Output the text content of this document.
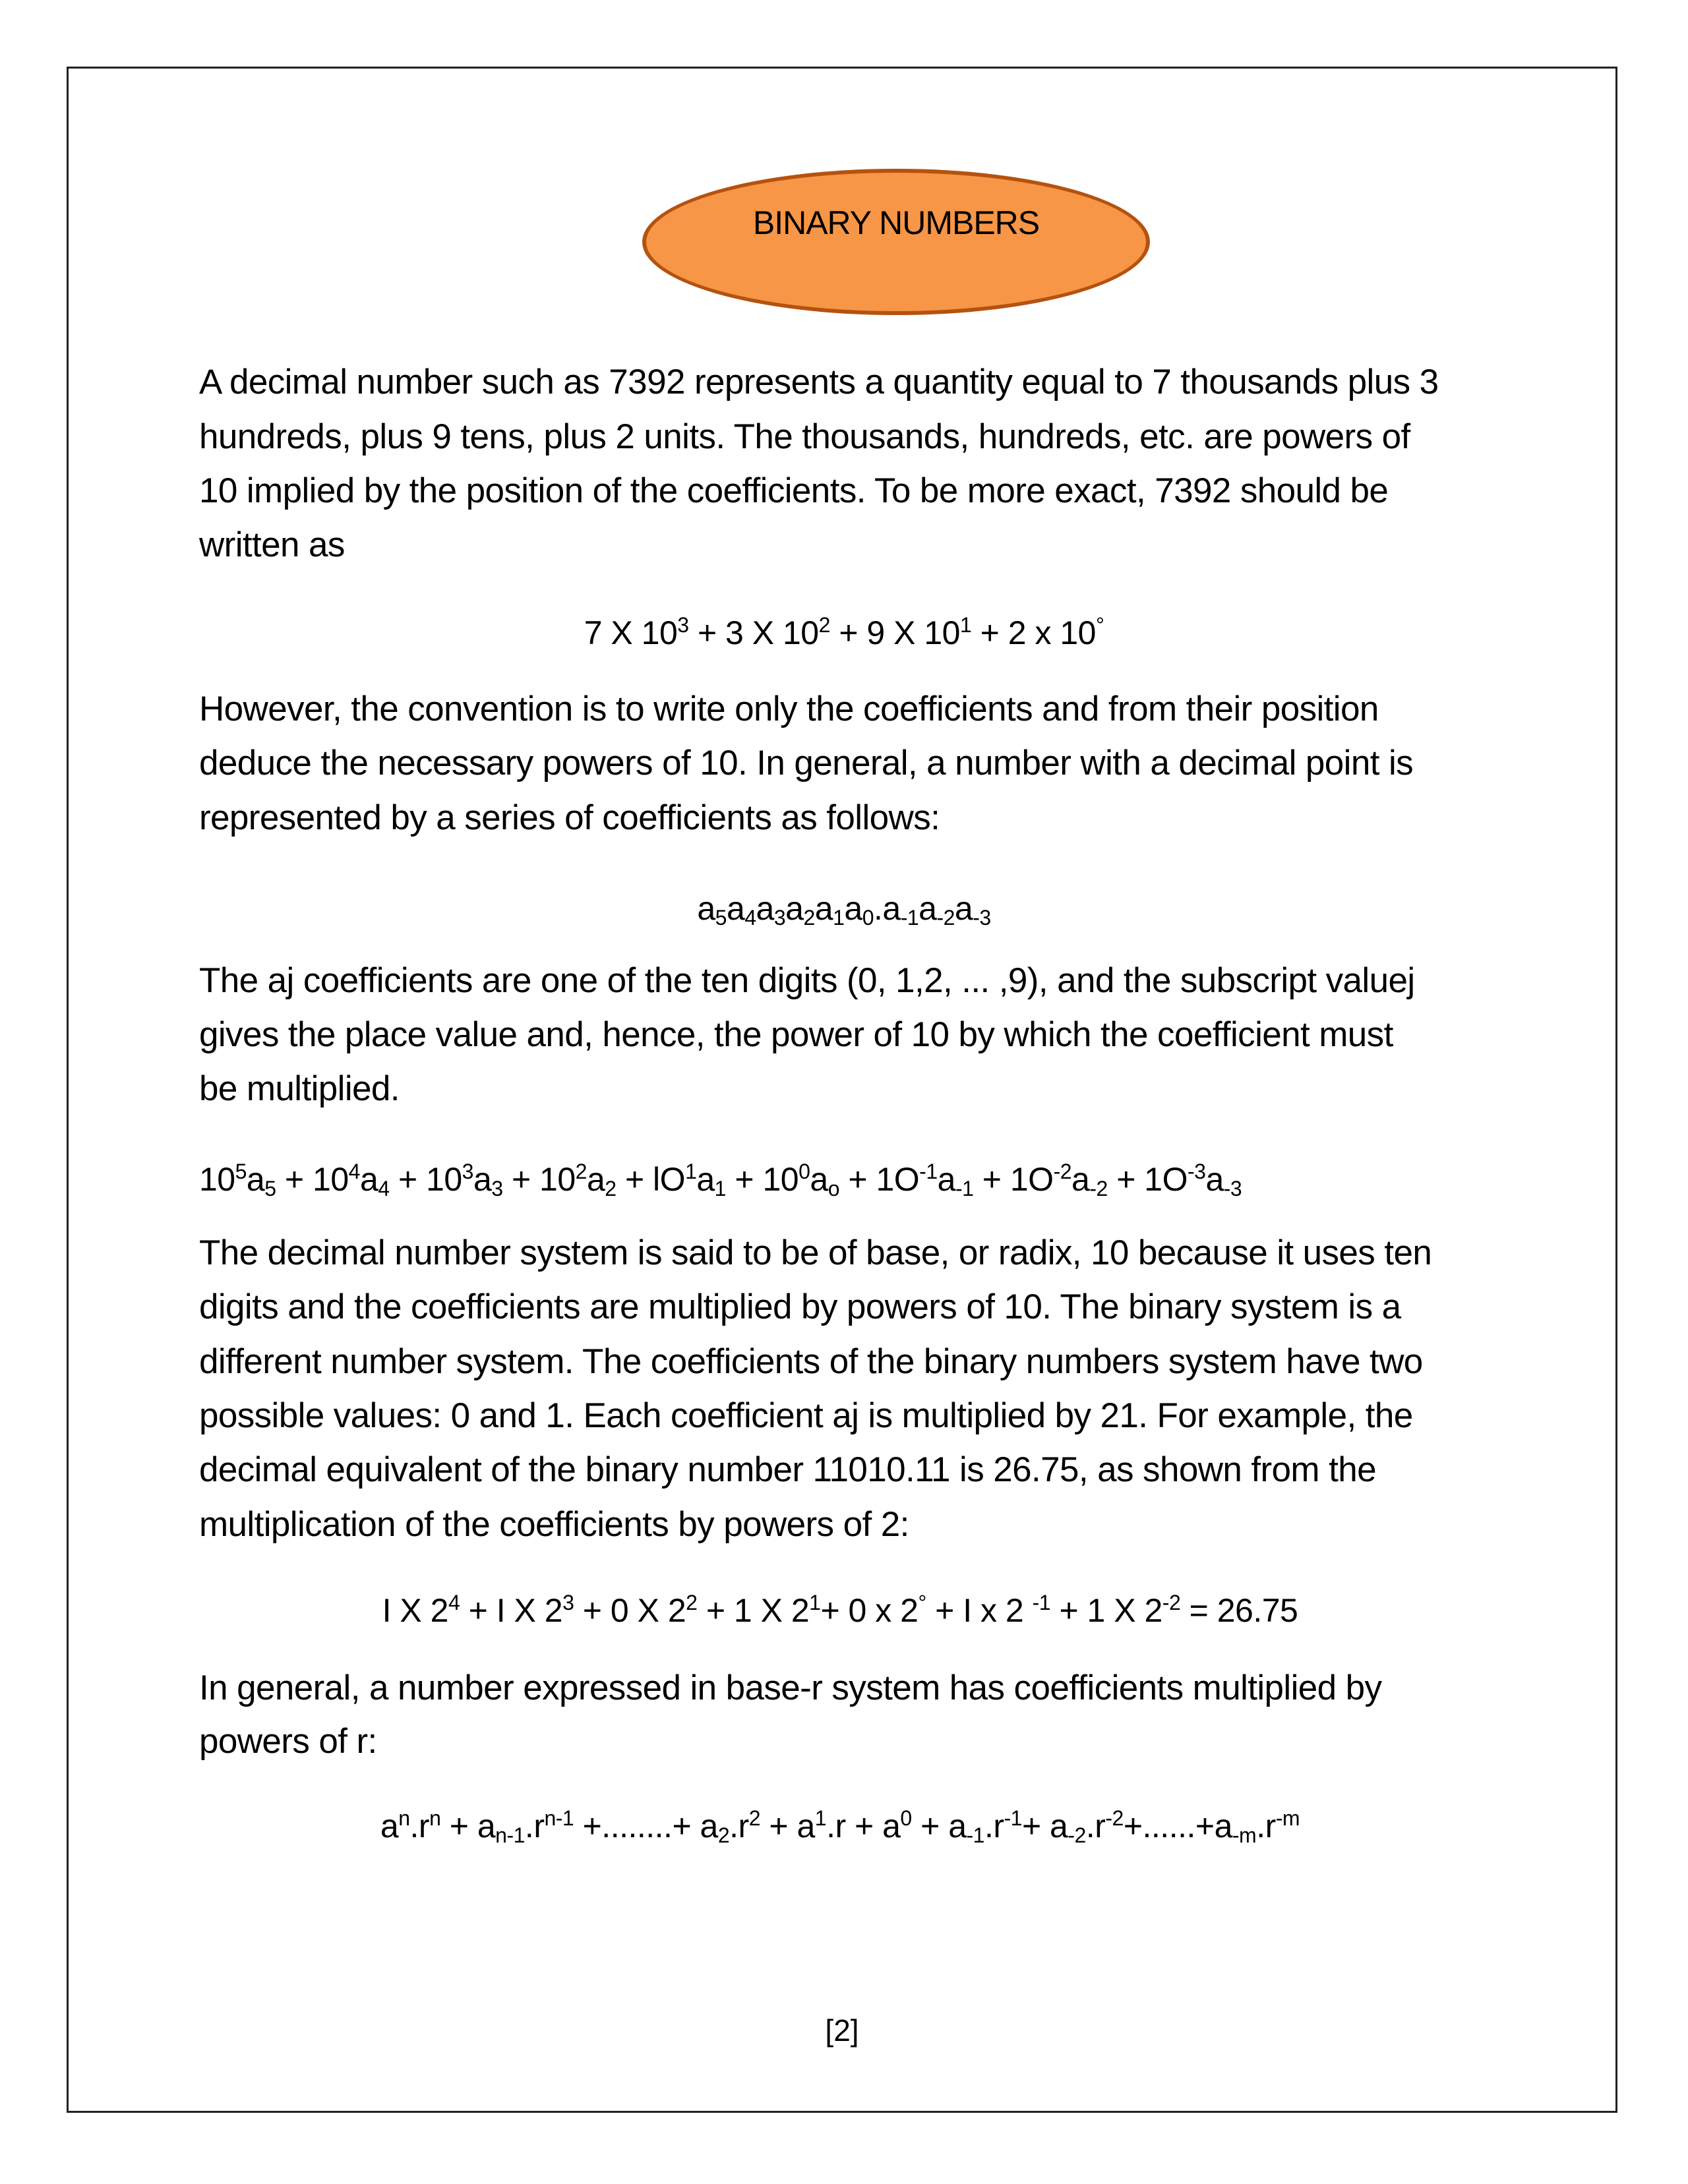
BINARY NUMBERS
A decimal number such as 7392 represents a quantity equal to 7 thousands plus 3
hundreds, plus 9 tens, plus 2 units. The thousands, hundreds, etc. are powers of
10 implied by the position of the coefficients. To be more exact, 7392 should be
written as
However, the convention is to write only the coefficients and from their position
deduce the necessary powers of 10. In general, a number with a decimal point is
represented by a series of coefficients as follows:
The aj coefficients are one of the ten digits (0, 1,2, ... ,9), and the subscript valuej
gives the place value and, hence, the power of 10 by which the coefficient must
be multiplied.
The decimal number system is said to be of base, or radix, 10 because it uses ten
digits and the coefficients are multiplied by powers of 10. The binary system is a
different number system. The coefficients of the binary numbers system have two
possible values: 0 and 1. Each coefficient aj is multiplied by 21. For example, the
decimal equivalent of the binary number 11010.11 is 26.75, as shown from the
multiplication of the coefficients by powers of 2:
In general, a number expressed in base-r system has coefficients multiplied by
powers of r:
7 X $10^3 + 3$ X $10^2 + 9$ X $10^1 + 2$ x 10°
$a_5a_4a_3a_2a_1a_0.a_{-1}a_{-2}a_{-3}$
$10^5a_5 + 10^4a_4 + 10^3a_3 + 10^2a_2 + lO^1a_1 + 10^0a_o + 1O^{-1}a_{-1} + 1O^{-2}a_{-2} + 1O^{-3}a_{-3}$
I X $2^4 + I$ X $2^3 + 0$ X $2^2 + 1$ X $2^1+ 0$ x 2° + I x 2 $^{-1}$ + 1 X $2^{-2} = 26.75$
$a^n.r^n + a_{n-1}.r^{n-1}$ +........+ $a_2.r^2 + a^1.r + a^0 + a_{-1}.r^{-1}+ a_{-2}.r^{-2}+......+a_{-m}.r^{-m}$
[2]
